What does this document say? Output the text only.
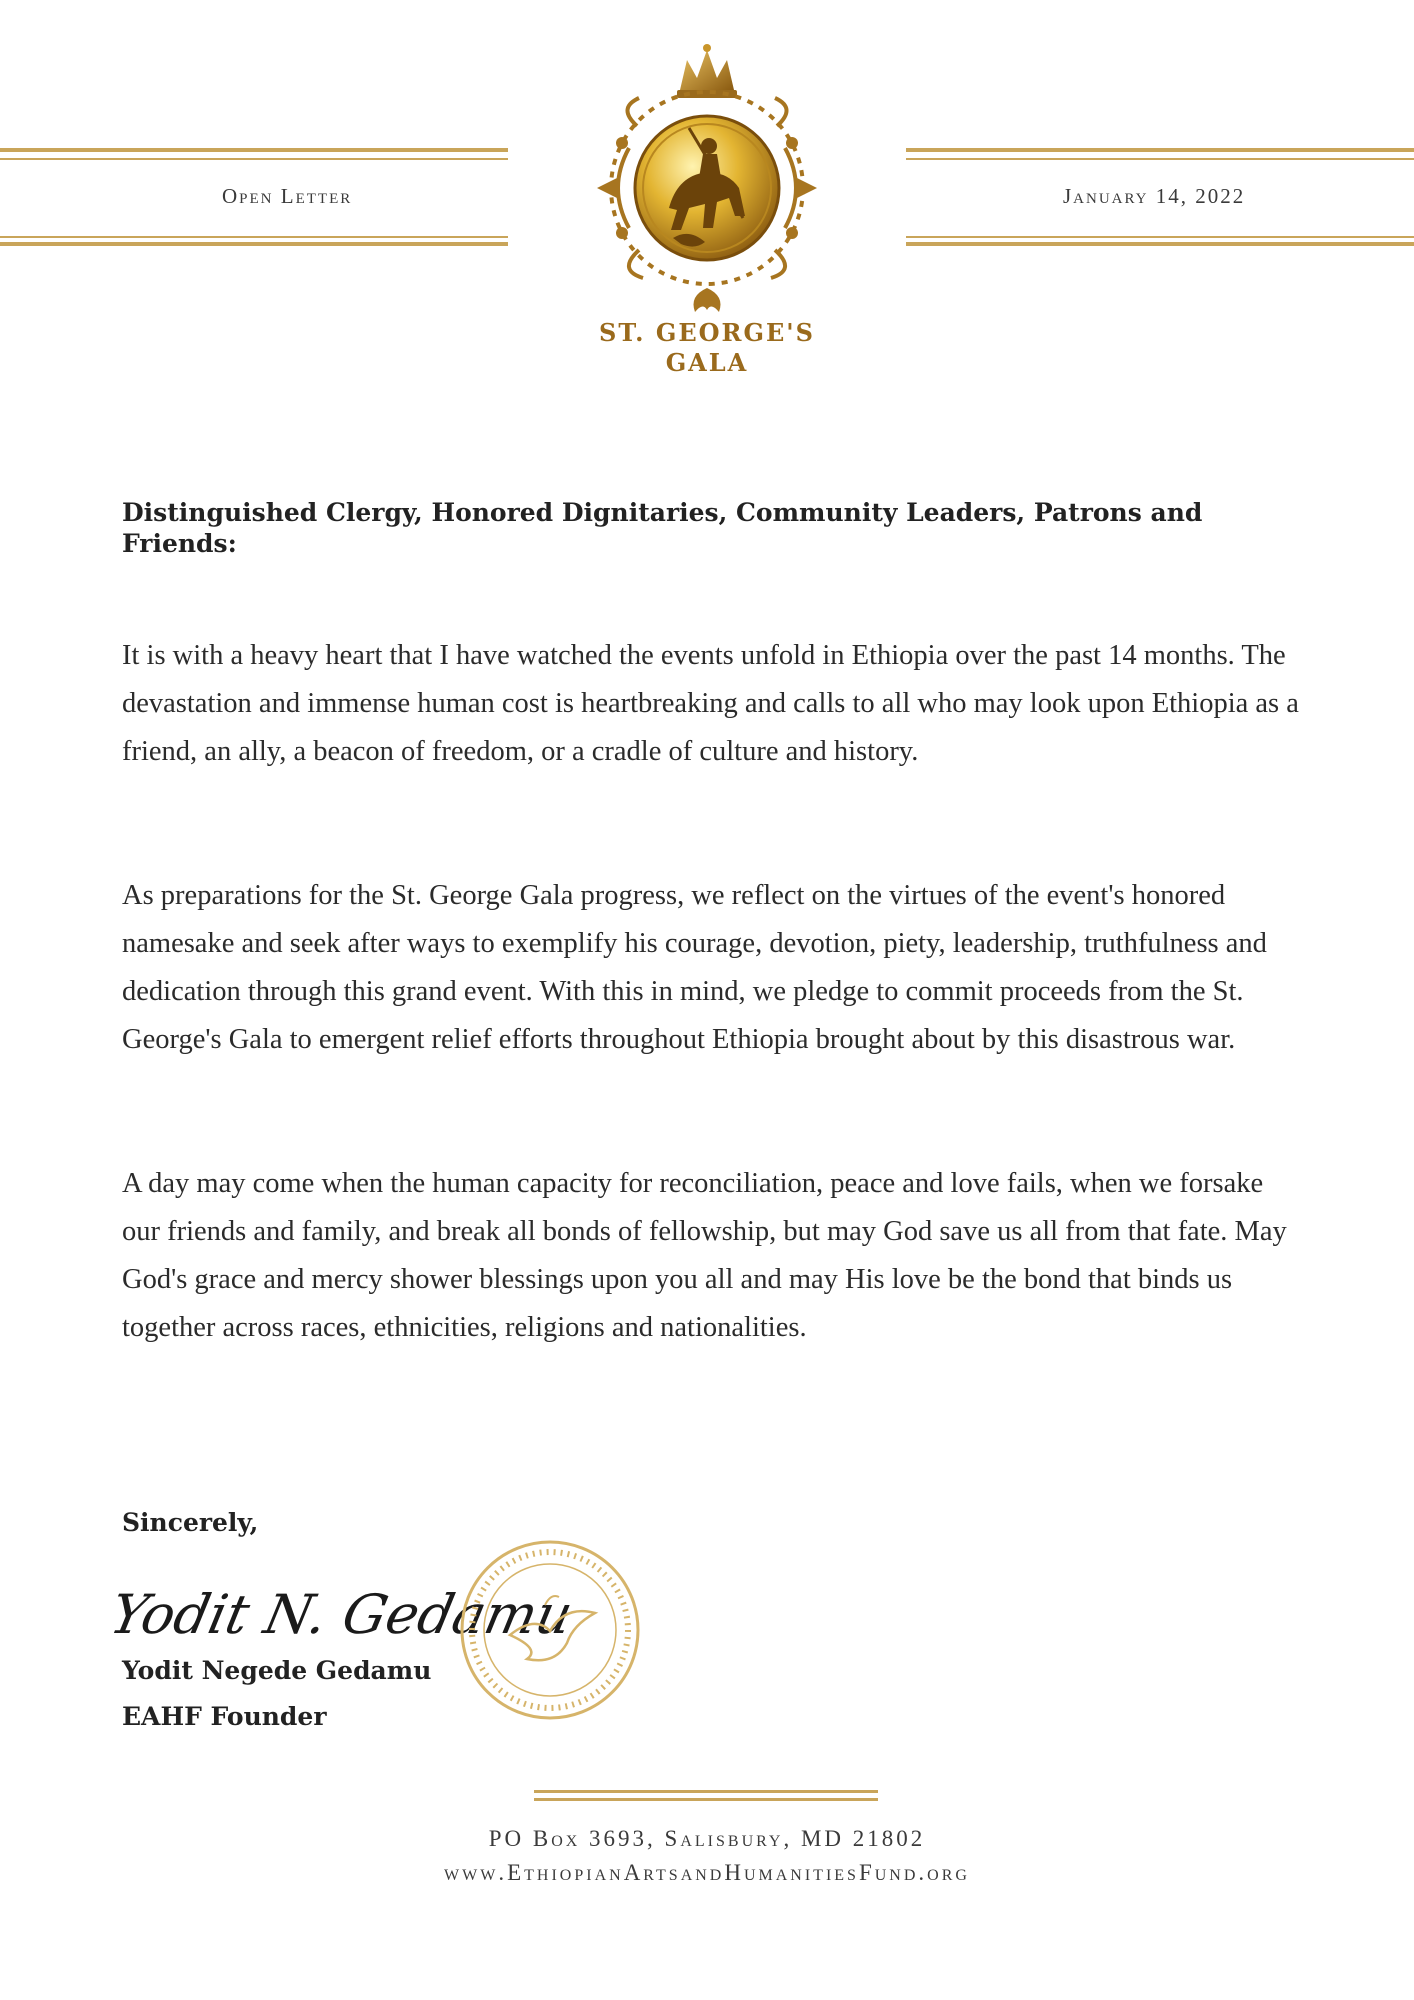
Open Letter	January 14, 2022
ST. GEORGE'S
GALA
Distinguished Clergy, Honored Dignitaries, Community Leaders, Patrons and Friends:

It is with a heavy heart that I have watched the events unfold in Ethiopia over the past 14 months. The devastation and immense human cost is heartbreaking and calls to all who may look upon Ethiopia as a friend, an ally, a beacon of freedom, or a cradle of culture and history.

As preparations for the St. George Gala progress, we reflect on the virtues of the event's honored namesake and seek after ways to exemplify his courage, devotion, piety, leadership, truthfulness and dedication through this grand event. With this in mind, we pledge to commit proceeds from the St. George's Gala to emergent relief efforts throughout Ethiopia brought about by this disastrous war.

A day may come when the human capacity for reconciliation, peace and love fails, when we forsake our friends and family, and break all bonds of fellowship, but may God save us all from that fate. May God's grace and mercy shower blessings upon you all and may His love be the bond that binds us together across races, ethnicities, religions and nationalities.

Sincerely,
Yodit N. Gedamu
Yodit Negede Gedamu
EAHF Founder
PO Box 3693, Salisbury, MD 21802
www.EthiopianArtsandHumanitiesFund.org
